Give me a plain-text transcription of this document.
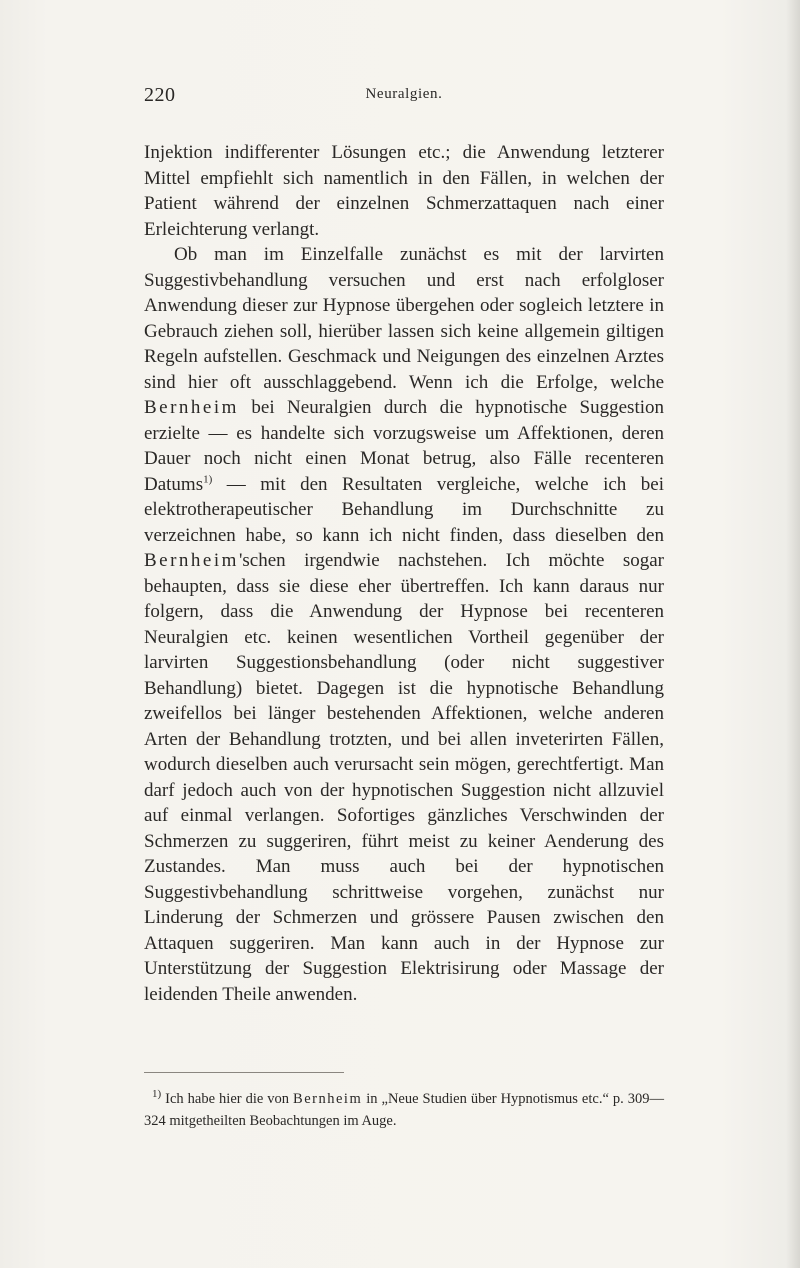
220	Neuralgien.

Injektion indifferenter Lösungen etc.; die Anwendung letzterer Mittel empfiehlt sich namentlich in den Fällen, in welchen der Patient während der einzelnen Schmerzattaquen nach einer Erleichterung verlangt.

Ob man im Einzelfalle zunächst es mit der larvirten Suggestivbehandlung versuchen und erst nach erfolgloser Anwendung dieser zur Hypnose übergehen oder sogleich letztere in Gebrauch ziehen soll, hierüber lassen sich keine allgemein giltigen Regeln aufstellen. Geschmack und Neigungen des einzelnen Arztes sind hier oft ausschlaggebend. Wenn ich die Erfolge, welche Bernheim bei Neuralgien durch die hypnotische Suggestion erzielte — es handelte sich vorzugsweise um Affektionen, deren Dauer noch nicht einen Monat betrug, also Fälle recenteren Datums$^{1)}$ — mit den Resultaten vergleiche, welche ich bei elektrotherapeutischer Behandlung im Durchschnitte zu verzeichnen habe, so kann ich nicht finden, dass dieselben den Bernheim'schen irgendwie nachstehen. Ich möchte sogar behaupten, dass sie diese eher übertreffen. Ich kann daraus nur folgern, dass die Anwendung der Hypnose bei recenteren Neuralgien etc. keinen wesentlichen Vortheil gegenüber der larvirten Suggestionsbehandlung (oder nicht suggestiver Behandlung) bietet. Dagegen ist die hypnotische Behandlung zweifellos bei länger bestehenden Affektionen, welche anderen Arten der Behandlung trotzten, und bei allen inveterirten Fällen, wodurch dieselben auch verursacht sein mögen, gerechtfertigt. Man darf jedoch auch von der hypnotischen Suggestion nicht allzuviel auf einmal verlangen. Sofortiges gänzliches Verschwinden der Schmerzen zu suggeriren, führt meist zu keiner Aenderung des Zustandes. Man muss auch bei der hypnotischen Suggestivbehandlung schrittweise vorgehen, zunächst nur Linderung der Schmerzen und grössere Pausen zwischen den Attaquen suggeriren. Man kann auch in der Hypnose zur Unterstützung der Suggestion Elektrisirung oder Massage der leidenden Theile anwenden.

$^{1)}$ Ich habe hier die von Bernheim in „Neue Studien über Hypnotismus etc.“ p. 309—324 mitgetheilten Beobachtungen im Auge.
